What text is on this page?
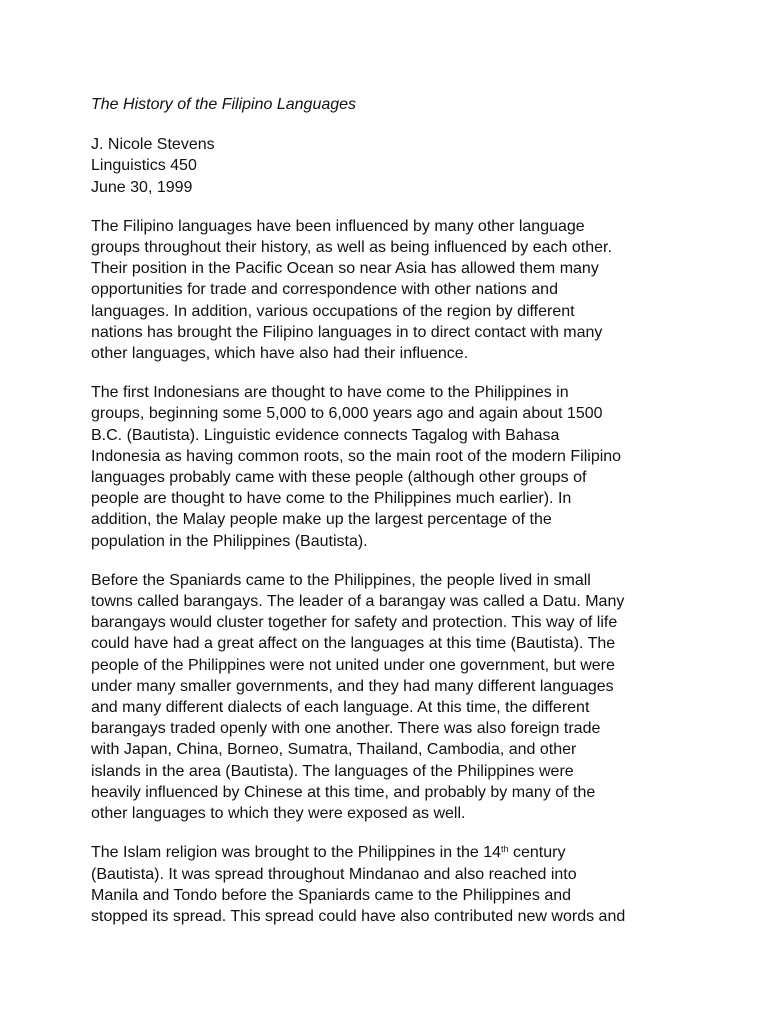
The History of the Filipino Languages
J. Nicole Stevens
Linguistics 450
June 30, 1999
The Filipino languages have been influenced by many other language
groups throughout their history, as well as being influenced by each other.
Their position in the Pacific Ocean so near Asia has allowed them many
opportunities for trade and correspondence with other nations and
languages. In addition, various occupations of the region by different
nations has brought the Filipino languages in to direct contact with many
other languages, which have also had their influence.
The first Indonesians are thought to have come to the Philippines in
groups, beginning some 5,000 to 6,000 years ago and again about 1500
B.C. (Bautista). Linguistic evidence connects Tagalog with Bahasa
Indonesia as having common roots, so the main root of the modern Filipino
languages probably came with these people (although other groups of
people are thought to have come to the Philippines much earlier). In
addition, the Malay people make up the largest percentage of the
population in the Philippines (Bautista).
Before the Spaniards came to the Philippines, the people lived in small
towns called barangays. The leader of a barangay was called a Datu. Many
barangays would cluster together for safety and protection. This way of life
could have had a great affect on the languages at this time (Bautista). The
people of the Philippines were not united under one government, but were
under many smaller governments, and they had many different languages
and many different dialects of each language. At this time, the different
barangays traded openly with one another. There was also foreign trade
with Japan, China, Borneo, Sumatra, Thailand, Cambodia, and other
islands in the area (Bautista). The languages of the Philippines were
heavily influenced by Chinese at this time, and probably by many of the
other languages to which they were exposed as well.
The Islam religion was brought to the Philippines in the 14th century
(Bautista). It was spread throughout Mindanao and also reached into
Manila and Tondo before the Spaniards came to the Philippines and
stopped its spread. This spread could have also contributed new words and
